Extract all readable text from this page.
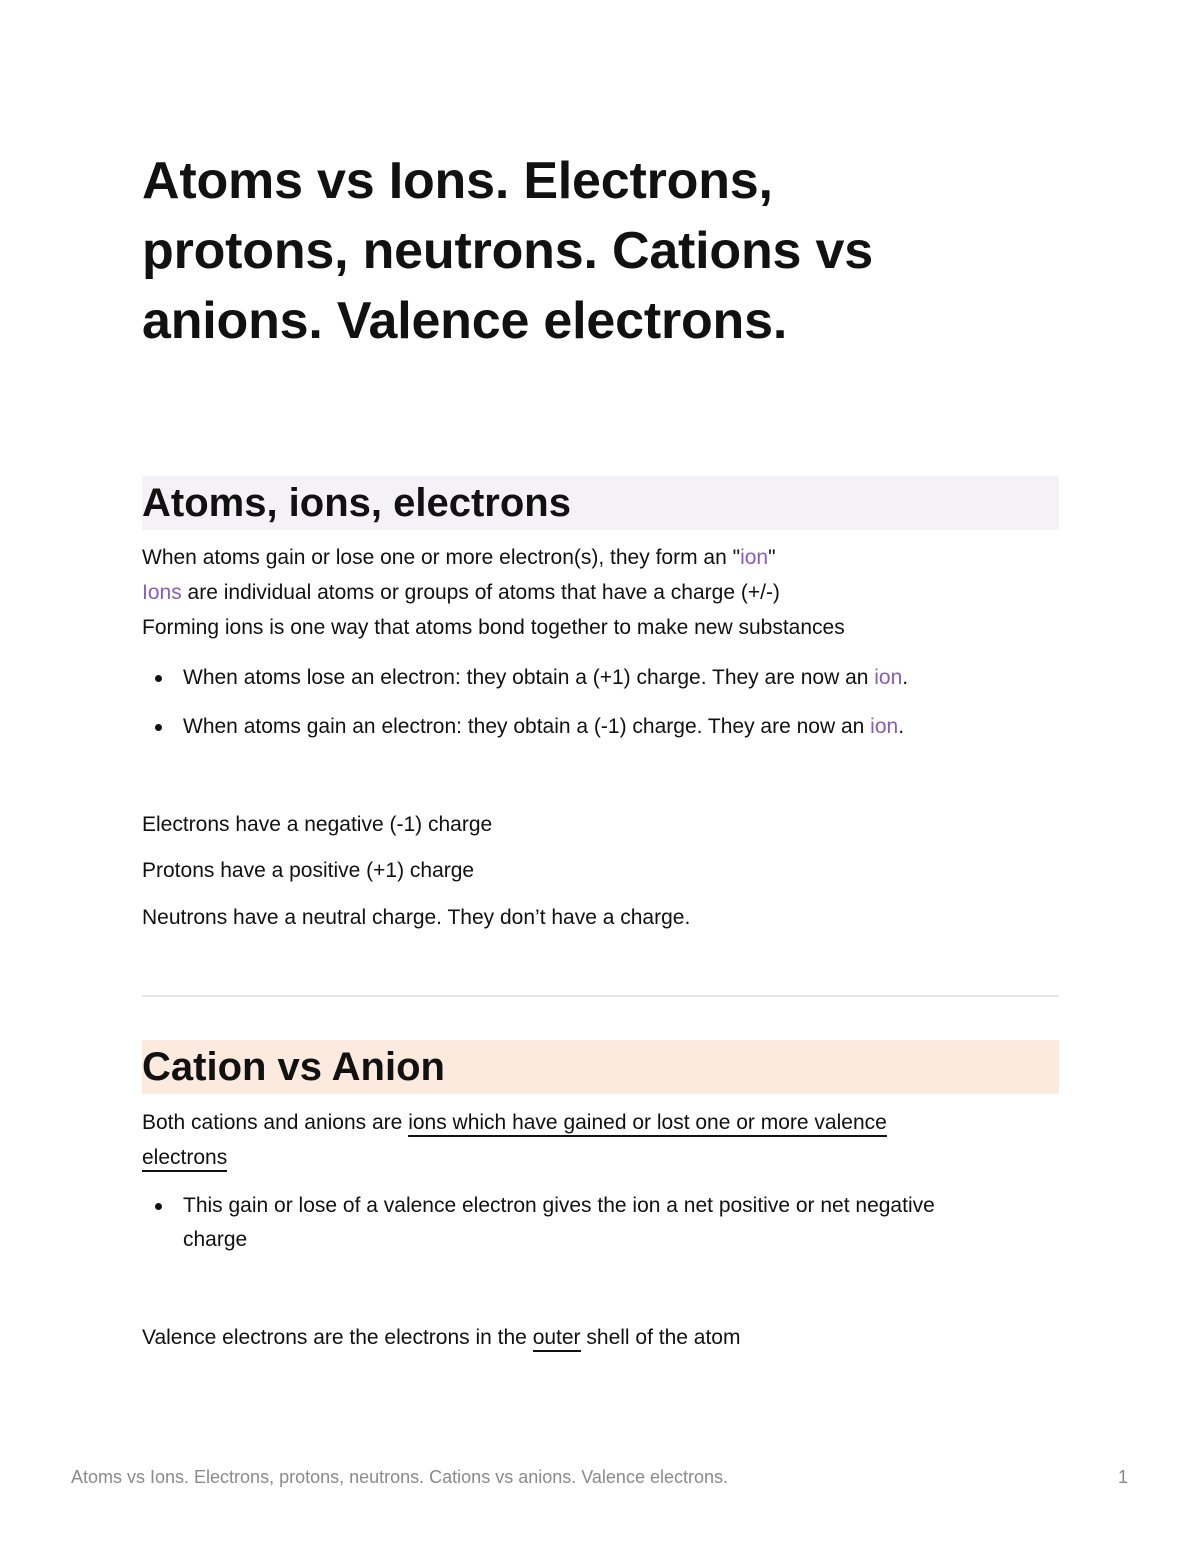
Atoms vs Ions. Electrons,
protons, neutrons. Cations vs
anions. Valence electrons.
Atoms, ions, electrons
When atoms gain or lose one or more electron(s), they form an "ion"
Ions are individual atoms or groups of atoms that have a charge (+/-)
Forming ions is one way that atoms bond together to make new substances
When atoms lose an electron: they obtain a (+1) charge. They are now an ion.
When atoms gain an electron: they obtain a (-1) charge. They are now an ion.
Electrons have a negative (-1) charge
Protons have a positive (+1) charge
Neutrons have a neutral charge. They don’t have a charge.
Cation vs Anion
Both cations and anions are ions which have gained or lost one or more valence
electrons
This gain or lose of a valence electron gives the ion a net positive or net negative
charge
Valence electrons are the electrons in the outer shell of the atom
Atoms vs Ions. Electrons, protons, neutrons. Cations vs anions. Valence electrons.	1
